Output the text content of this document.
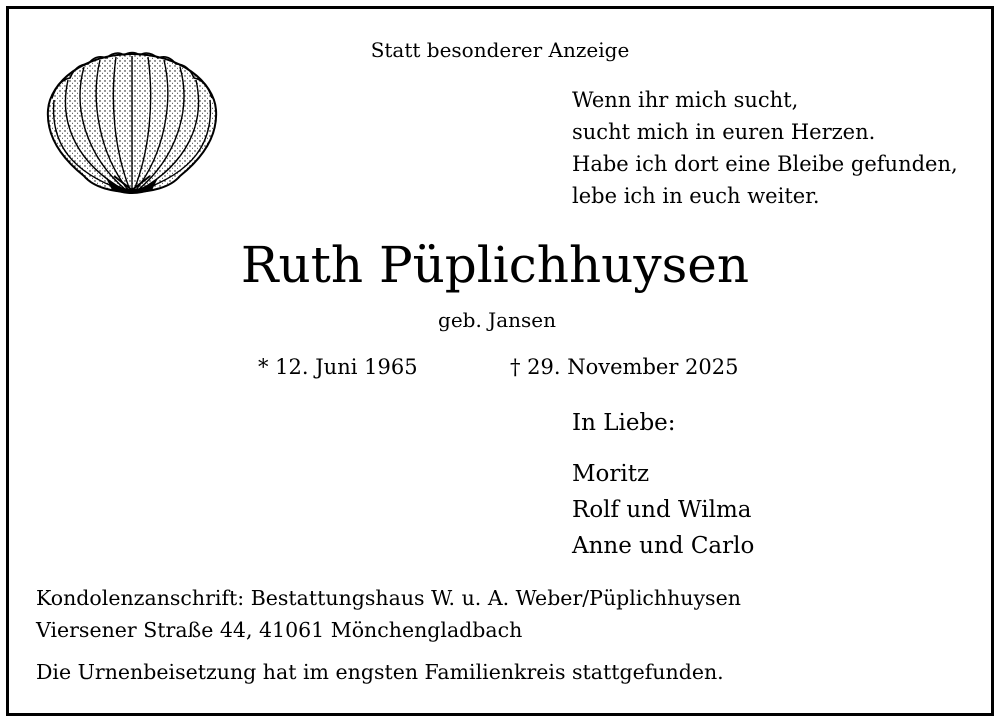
Statt besonderer Anzeige
Wenn ihr mich sucht,
sucht mich in euren Herzen.
Habe ich dort eine Bleibe gefunden,
lebe ich in euch weiter.
Ruth Püplichhuysen
geb. Jansen
* 12. Juni 1965	† 29. November 2025
In Liebe:
Moritz
Rolf und Wilma
Anne und Carlo
Kondolenzanschrift: Bestattungshaus W. u. A. Weber/Püplichhuysen
Viersener Straße 44, 41061 Mönchengladbach
Die Urnenbeisetzung hat im engsten Familienkreis stattgefunden.
